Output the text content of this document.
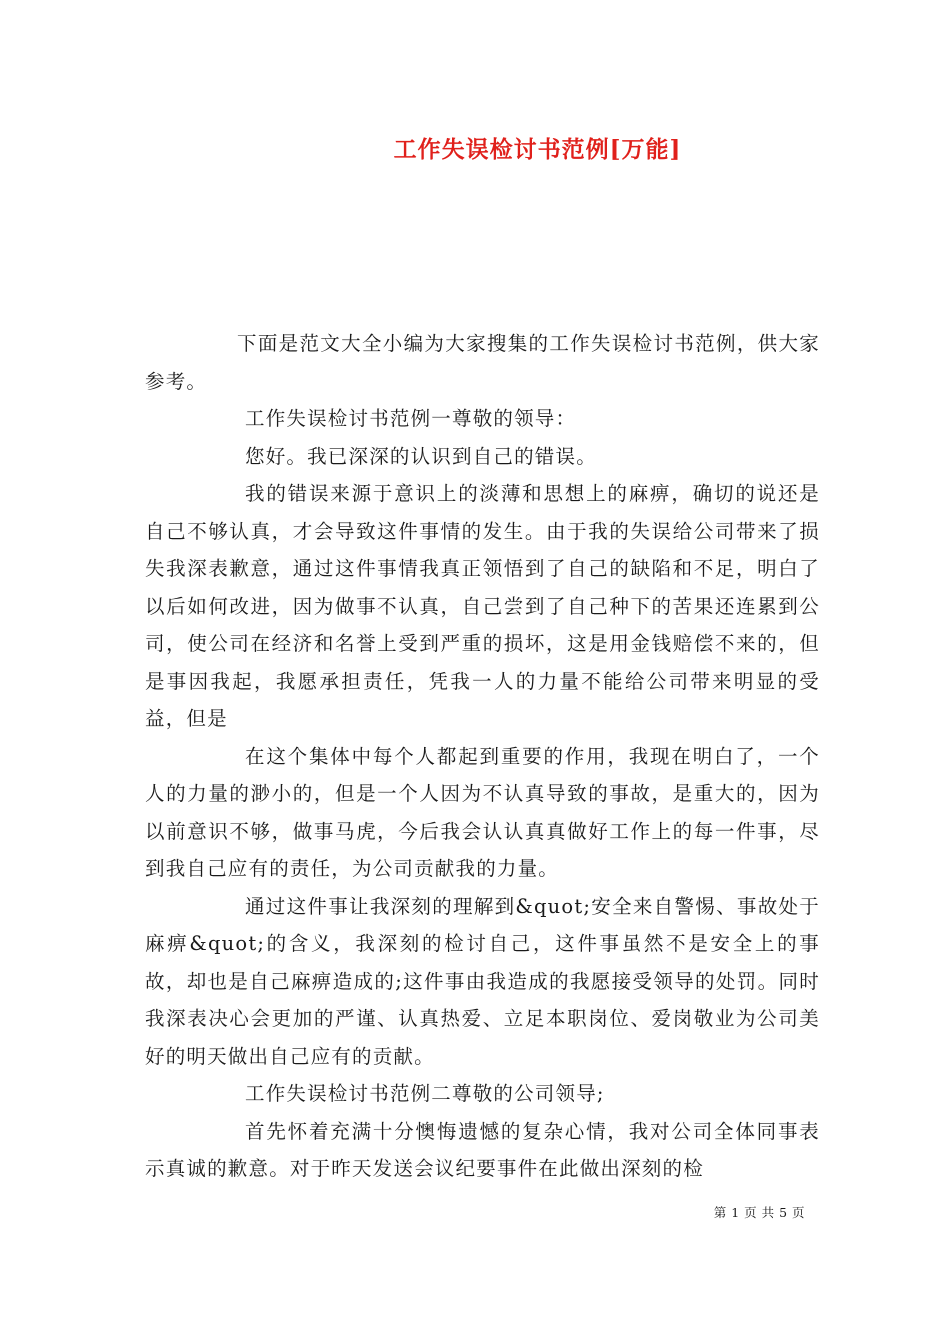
工作失误检讨书范例[万能]

下面是范文大全小编为大家搜集的工作失误检讨书范例，供大家参考。

工作失误检讨书范例一尊敬的领导：

您好。我已深深的认识到自己的错误。

我的错误来源于意识上的淡薄和思想上的麻痹，确切的说还是自己不够认真，才会导致这件事情的发生。由于我的失误给公司带来了损失我深表歉意，通过这件事情我真正领悟到了自己的缺陷和不足，明白了以后如何改进，因为做事不认真，自己尝到了自己种下的苦果还连累到公司，使公司在经济和名誉上受到严重的损坏，这是用金钱赔偿不来的，但是事因我起，我愿承担责任，凭我一人的力量不能给公司带来明显的受益，但是

在这个集体中每个人都起到重要的作用，我现在明白了，一个人的力量的渺小的，但是一个人因为不认真导致的事故，是重大的，因为以前意识不够，做事马虎，今后我会认认真真做好工作上的每一件事，尽到我自己应有的责任，为公司贡献我的力量。

通过这件事让我深刻的理解到&quot;安全来自警惕、事故处于麻痹&quot;的含义，我深刻的检讨自己，这件事虽然不是安全上的事故，却也是自己麻痹造成的;这件事由我造成的我愿接受领导的处罚。同时我深表决心会更加的严谨、认真热爱、立足本职岗位、爱岗敬业为公司美好的明天做出自己应有的贡献。

工作失误检讨书范例二尊敬的公司领导;

首先怀着充满十分懊悔遗憾的复杂心情，我对公司全体同事表示真诚的歉意。对于昨天发送会议纪要事件在此做出深刻的检

第 1 页 共 5 页
